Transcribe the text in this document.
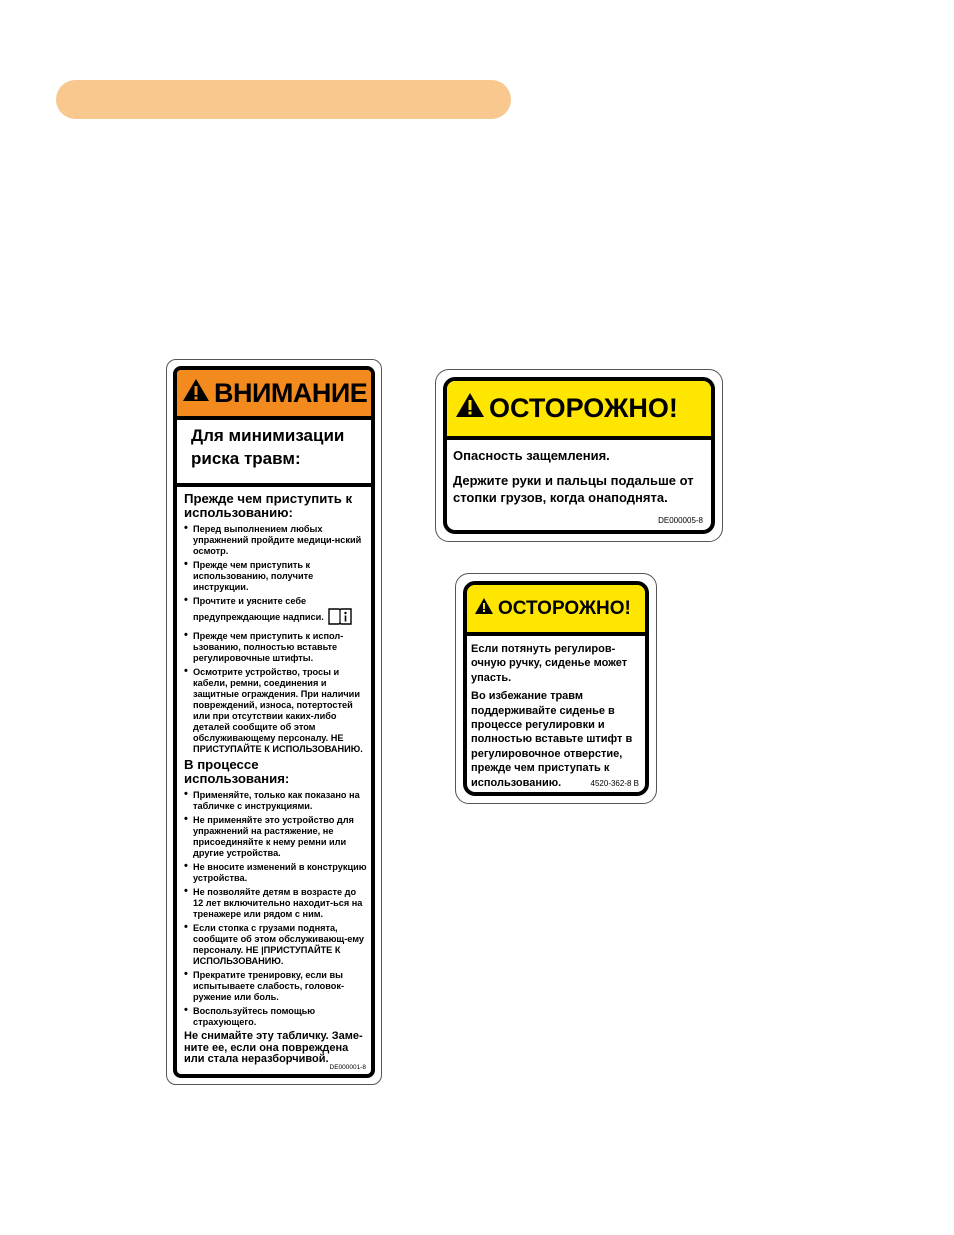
ВНИМАНИЕ
Для минимизации риска травм:
Прежде чем приступить к использованию:
• Перед выполнением любых упражнений пройдите медици-нский осмотр.
• Прежде чем приступить к использованию, получите инструкции.
• Прочтите и уясните себе предупреждающие надписи.
• Прежде чем приступить к испол-ьзованию, полностью вставьте регулировочные штифты.
• Осмотрите устройство, тросы и кабели, ремни, соединения и защитные ограждения. При наличии повреждений, износа, потертостей или при отсутствии каких-либо деталей сообщите об этом обслуживающему персоналу. НЕ ПРИСТУПАЙТЕ К ИСПОЛЬЗОВАНИЮ.
В процессе использования:
• Применяйте, только как показано на табличке с инструкциями.
• Не применяйте это устройство для упражнений на растяжение, не присоединяйте к нему ремни или другие устройства.
• Не вносите изменений в конструкцию устройства.
• Не позволяйте детям в возрасте до 12 лет включительно находит-ься на тренажере или рядом с ним.
• Если стопка с грузами поднята, сообщите об этом обслуживающ-ему персоналу. НЕ |ПРИСТУПАЙТЕ К ИСПОЛЬЗОВАНИЮ.
• Прекратите тренировку, если вы испытываете слабость, головок-ружение или боль.
• Воспользуйтесь помощью страхующего.
Не снимайте эту табличку. Заме-ните ее, если она повреждена или стала неразборчивой.
DE000001-8
ОСТОРОЖНО!
Опасность защемления.
Держите руки и пальцы подальше от стопки грузов, когда онаподнята.
DE000005-8
ОСТОРОЖНО!
Если потянуть регулиров-очную ручку, сиденье может упасть.
Во избежание травм поддерживайте сиденье в процессе регулировки и полностью вставьте штифт в регулировочное отверстие, прежде чем приступать к использованию.	4520-362-8 B
